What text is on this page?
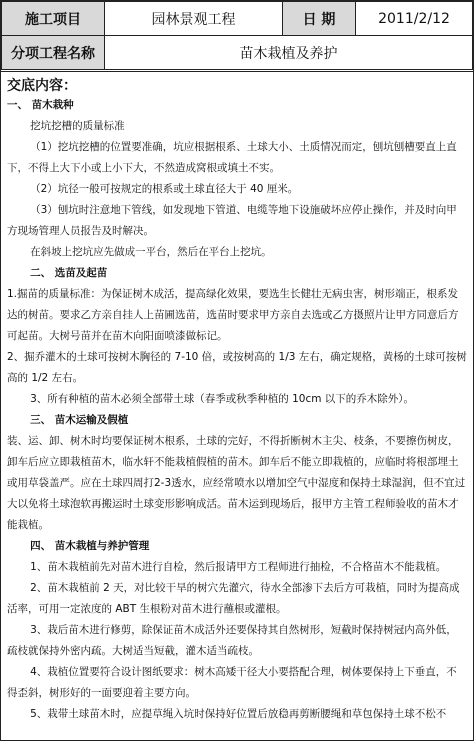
施工项目	园林景观工程	日 期	2011/2/12
分项工程名称	苗木栽植及养护		
交底内容：

一、 苗木栽种

挖坑挖槽的质量标准

（1）挖坑挖槽的位置要准确，坑应根据根系、土球大小、土质情况而定，刨坑刨槽要直上直下，不得上大下小或上小下大，不然造成窝根或填土不实。

（2）坑径一般可按规定的根系或土球直径大于 40 厘米。

（3）刨坑时注意地下管线，如发现地下管道、电缆等地下设施破坏应停止操作，并及时向甲方现场管理人员报告及时解决。

在斜坡上挖坑应先做成一平台，然后在平台上挖坑。

二、 选苗及起苗

1.掘苗的质量标准：为保证树木成活，提高绿化效果，要选生长健壮无病虫害，树形端正，根系发达的树苗。要求乙方亲自挂人上苗圃选苗，选苗时要求甲方亲自去选或乙方摄照片让甲方同意后方可起苗。大树号苗并在苗木向阳面喷漆做标记。

2、掘乔灌木的土球可按树木胸径的 7-10 倍，或按树高的 1/3 左右，确定规格，黄杨的土球可按树高的 1/2 左右。

3、所有种植的苗木必须全部带土球（春季或秋季种植的 10cm 以下的乔木除外）。

三、 苗木运输及假植

装、运、卸、树木时均要保证树木根系，土球的完好，不得折断树木主尖、枝条，不要擦伤树皮，卸车后应立即栽植苗木，临水轩不能栽植假植的苗木。卸车后不能立即栽植的，应临时将根部埋土或用草袋盖严。应在土球四周打2-3透水，应经常喷水以增加空气中湿度和保持土球湿润，但不宜过大以免将土球泡软再搬运时土球变形影响成活。苗木运到现场后，报甲方主管工程师验收的苗木才能栽植。

四、 苗木栽植与养护管理

1、苗木栽植前先对苗木进行自检，然后报请甲方工程师进行抽检，不合格苗木不能栽植。

2、苗木栽植前 2 天，对比较干旱的树穴先灌穴，待水全部渗下去后方可栽植，同时为提高成活率，可用一定浓度的 ABT 生根粉对苗木进行蘸根或灌根。

3、栽后苗木进行修剪，除保证苗木成活外还要保持其自然树形，短截时保持树冠内高外低，疏枝就保持外密内疏。大树适当短截，灌木适当疏枝。

4、栽植位置要符合设计图纸要求：树木高矮干径大小要搭配合理，树体要保持上下垂直，不得歪斜，树形好的一面要迎着主要方向。

5、栽带土球苗木时，应提草绳入坑时保持好位置后放稳再剪断腰绳和草包保持土球不松不
